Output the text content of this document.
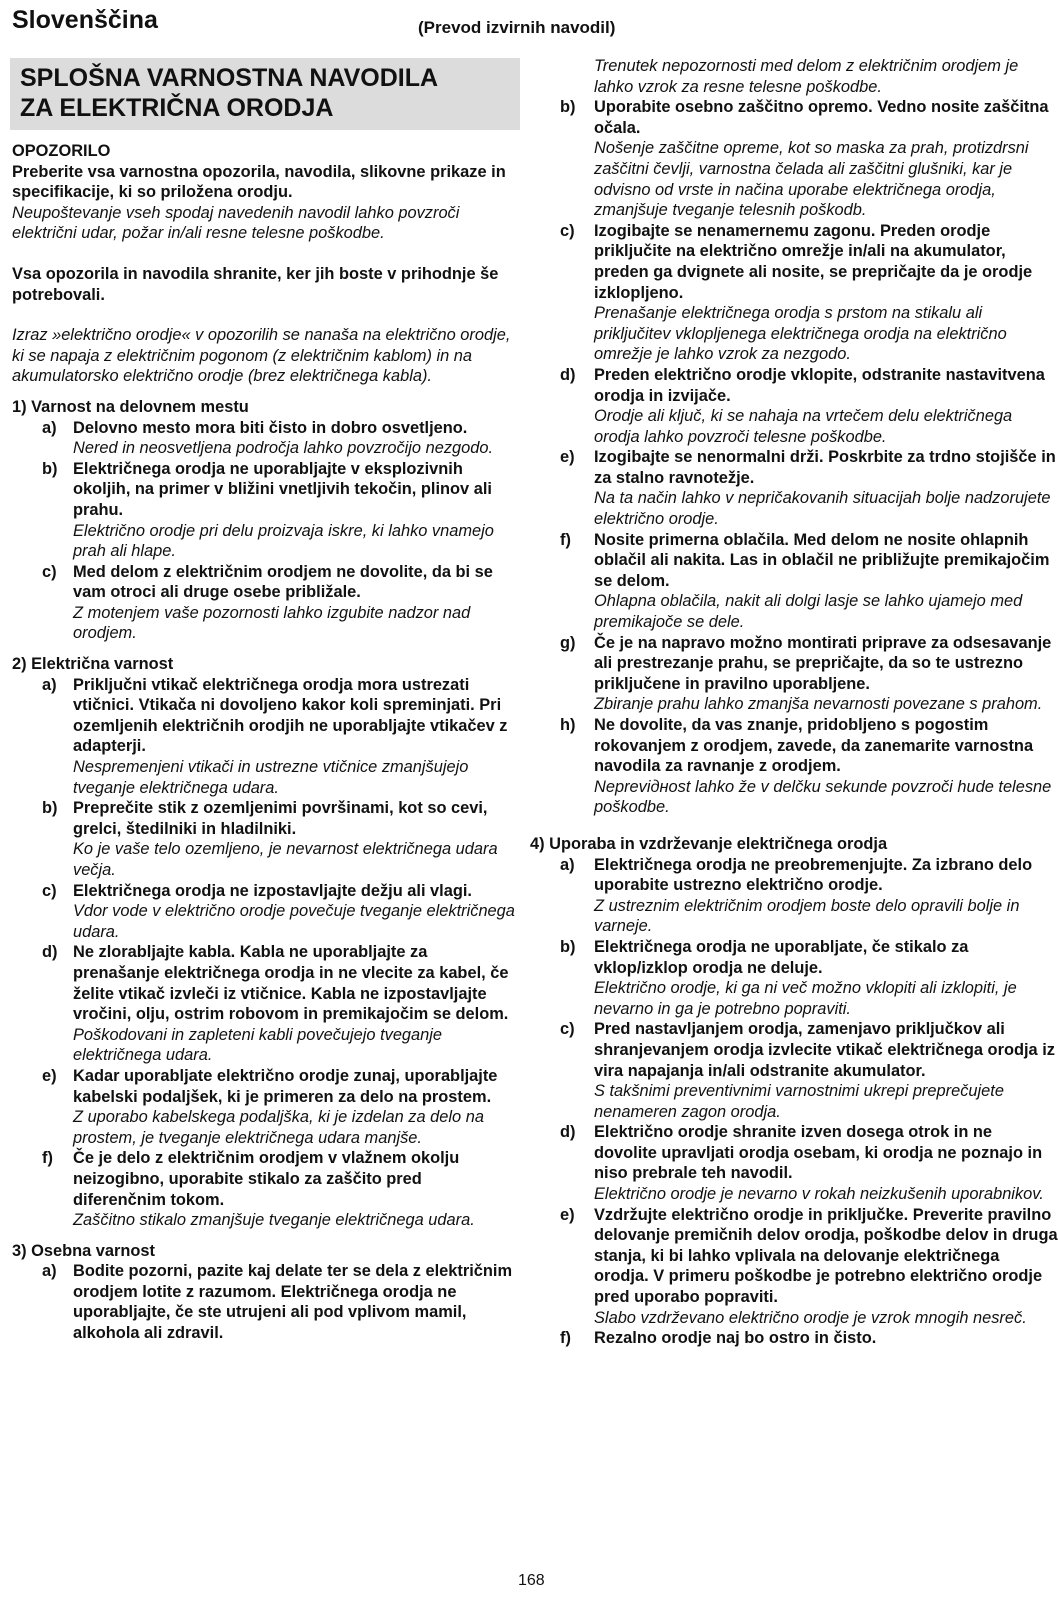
Slovenščina	(Prevod izvirnih navodil)
SPLOŠNA VARNOSTNA NAVODILA
ZA ELEKTRIČNA ORODJA

OPOZORILO

Preberite vsa varnostna opozorila, navodila, slikovne prikaze in specifikacije, ki so priložena orodju.

Neupoštevanje vseh spodaj navedenih navodil lahko povzroči električni udar, požar in/ali resne telesne poškodbe.

Vsa opozorila in navodila shranite, ker jih boste v prihodnje še potrebovali.

Izraz »električno orodje« v opozorilih se nanaša na električno orodje, ki se napaja z električnim pogonom (z električnim kablom) in na akumulatorsko električno orodje (brez električnega kabla).

1) Varnost na delovnem mestu

a) Delovno mesto mora biti čisto in dobro osvetljeno.

Nered in neosvetljena področja lahko povzročijo nezgodo.

b) Električnega orodja ne uporabljajte v eksplozivnih okoljih, na primer v bližini vnetljivih tekočin, plinov ali prahu.

Električno orodje pri delu proizvaja iskre, ki lahko vnamejo prah ali hlape.

c) Med delom z električnim orodjem ne dovolite, da bi se vam otroci ali druge osebe približale.

Z motenjem vaše pozornosti lahko izgubite nadzor nad orodjem.

2) Električna varnost

a) Priključni vtikač električnega orodja mora ustrezati vtičnici. Vtikača ni dovoljeno kakor koli spreminjati. Pri ozemljenih električnih orodjih ne uporabljajte vtikačev z adapterji.

Nespremenjeni vtikači in ustrezne vtičnice zmanjšujejo tveganje električnega udara.

b) Preprečite stik z ozemljenimi površinami, kot so cevi, grelci, štedilniki in hladilniki.

Ko je vaše telo ozemljeno, je nevarnost električnega udara večja.

c) Električnega orodja ne izpostavljajte dežju ali vlagi.

Vdor vode v električno orodje povečuje tveganje električnega udara.

d) Ne zlorabljajte kabla. Kabla ne uporabljajte za prenašanje električnega orodja in ne vlecite za kabel, če želite vtikač izvleči iz vtičnice. Kabla ne izpostavljajte vročini, olju, ostrim robovom in premikajočim se delom.

Poškodovani in zapleteni kabli povečujejo tveganje električnega udara.

e) Kadar uporabljate električno orodje zunaj, uporabljajte kabelski podaljšek, ki je primeren za delo na prostem.

Z uporabo kabelskega podaljška, ki je izdelan za delo na prostem, je tveganje električnega udara manjše.

f) Če je delo z električnim orodjem v vlažnem okolju neizogibno, uporabite stikalo za zaščito pred diferenčnim tokom.

Zaščitno stikalo zmanjšuje tveganje električnega udara.

3) Osebna varnost

a) Bodite pozorni, pazite kaj delate ter se dela z električnim orodjem lotite z razumom. Električnega orodja ne uporabljajte, če ste utrujeni ali pod vplivom mamil, alkohola ali zdravil.

Trenutek nepozornosti med delom z električnim orodjem je lahko vzrok za resne telesne poškodbe.

b) Uporabite osebno zaščitno opremo. Vedno nosite zaščitna očala.

Nošenje zaščitne opreme, kot so maska za prah, protizdrsni zaščitni čevlji, varnostna čelada ali zaščitni glušniki, kar je odvisno od vrste in načina uporabe električnega orodja, zmanjšuje tveganje telesnih poškodb.

c) Izogibajte se nenamernemu zagonu. Preden orodje priključite na električno omrežje in/ali na akumulator, preden ga dvignete ali nosite, se prepričajte da je orodje izklopljeno.

Prenašanje električnega orodja s prstom na stikalu ali priključitev vklopljenega električnega orodja na električno omrežje je lahko vzrok za nezgodo.

d) Preden električno orodje vklopite, odstranite nastavitvena orodja in izvijače.

Orodje ali ključ, ki se nahaja na vrtečem delu električnega orodja lahko povzroči telesne poškodbe.

e) Izogibajte se nenormalni drži. Poskrbite za trdno stojišče in za stalno ravnotežje.

Na ta način lahko v nepričakovanih situacijah bolje nadzorujete električno orodje.

f) Nosite primerna oblačila. Med delom ne nosite ohlapnih oblačil ali nakita. Las in oblačil ne približujte premikajočim se delom.

Ohlapna oblačila, nakit ali dolgi lasje se lahko ujamejo med premikajoče se dele.

g) Če je na napravo možno montirati priprave za odsesavanje ali prestrezanje prahu, se prepričajte, da so te ustrezno priključene in pravilno uporabljene.

Zbiranje prahu lahko zmanjša nevarnosti povezane s prahom.

h) Ne dovolite, da vas znanje, pridobljeno s pogostim rokovanjem z orodjem, zavede, da zanemarite varnostna navodila za ravnanje z orodjem.

Nepreviднost lahko že v delčku sekunde povzroči hude telesne poškodbe.

4) Uporaba in vzdrževanje električnega orodja

a) Električnega orodja ne preobremenjujte. Za izbrano delo uporabite ustrezno električno orodje.

Z ustreznim električnim orodjem boste delo opravili bolje in varneje.

b) Električnega orodja ne uporabljate, če stikalo za vklop/izklop orodja ne deluje.

Električno orodje, ki ga ni več možno vklopiti ali izklopiti, je nevarno in ga je potrebno popraviti.

c) Pred nastavljanjem orodja, zamenjavo priključkov ali shranjevanjem orodja izvlecite vtikač električnega orodja iz vira napajanja in/ali odstranite akumulator.

S takšnimi preventivnimi varnostnimi ukrepi preprečujete nenameren zagon orodja.

d) Električno orodje shranite izven dosega otrok in ne dovolite upravljati orodja osebam, ki orodja ne poznajo in niso prebrale teh navodil.

Električno orodje je nevarno v rokah neizkušenih uporabnikov.

e) Vzdržujte električno orodje in priključke. Preverite pravilno delovanje premičnih delov orodja, poškodbe delov in druga stanja, ki bi lahko vplivala na delovanje električnega orodja. V primeru poškodbe je potrebno električno orodje pred uporabo popraviti.

Slabo vzdrževano električno orodje je vzrok mnogih nesreč.

f) Rezalno orodje naj bo ostro in čisto.

168
